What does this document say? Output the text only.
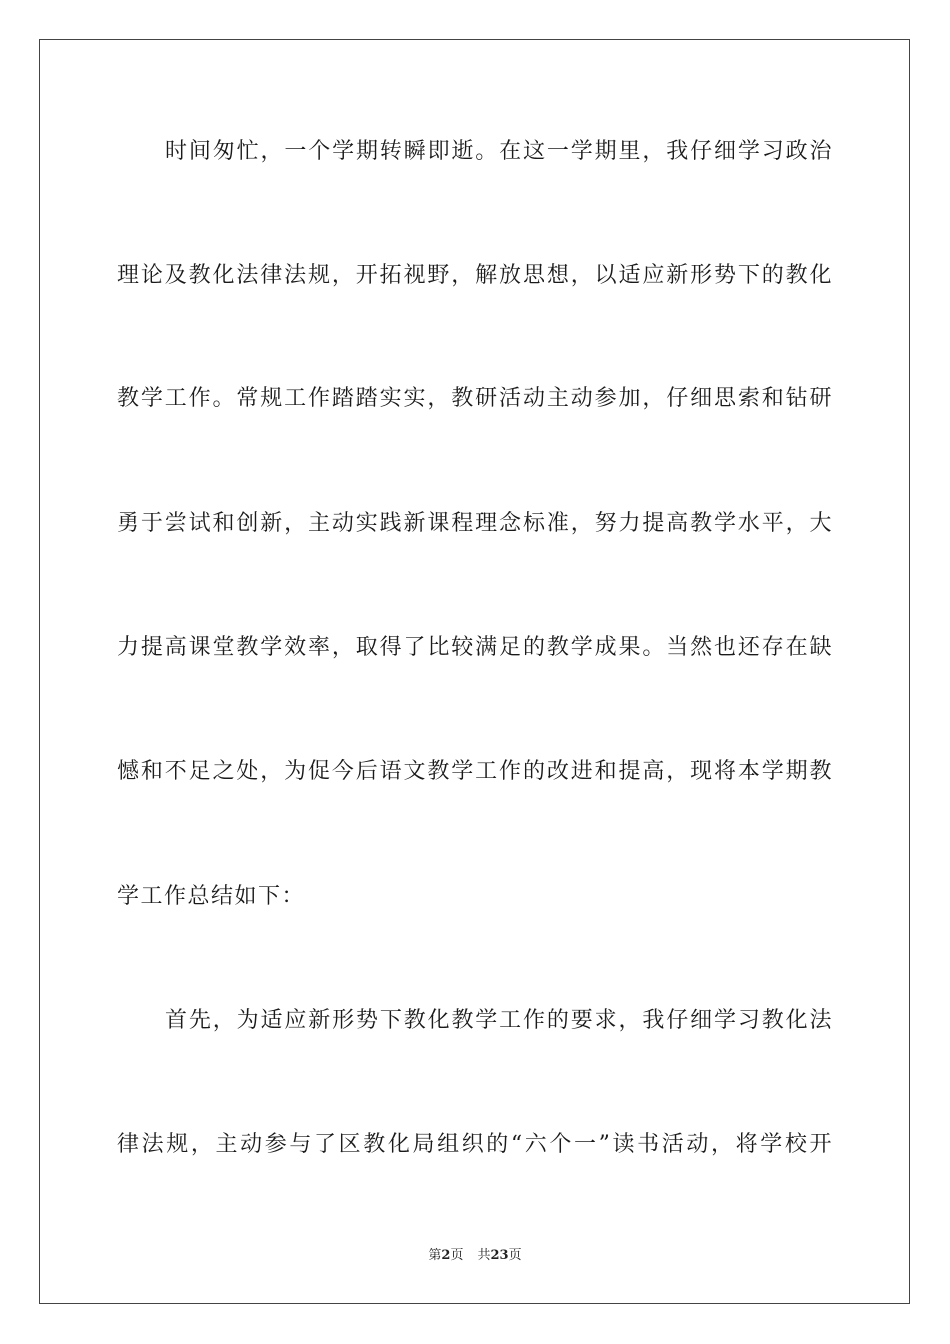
时间匆忙，一个学期转瞬即逝。在这一学期里，我仔细学习政治
理论及教化法律法规，开拓视野，解放思想，以适应新形势下的教化
教学工作。常规工作踏踏实实，教研活动主动参加，仔细思索和钻研
勇于尝试和创新，主动实践新课程理念标准，努力提高教学水平，大
力提高课堂教学效率，取得了比较满足的教学成果。当然也还存在缺
憾和不足之处，为促今后语文教学工作的改进和提高，现将本学期教
学工作总结如下：
首先，为适应新形势下教化教学工作的要求，我仔细学习教化法
律法规，主动参与了区教化局组织的“六个一”读书活动，将学校开
第2页 共23页
